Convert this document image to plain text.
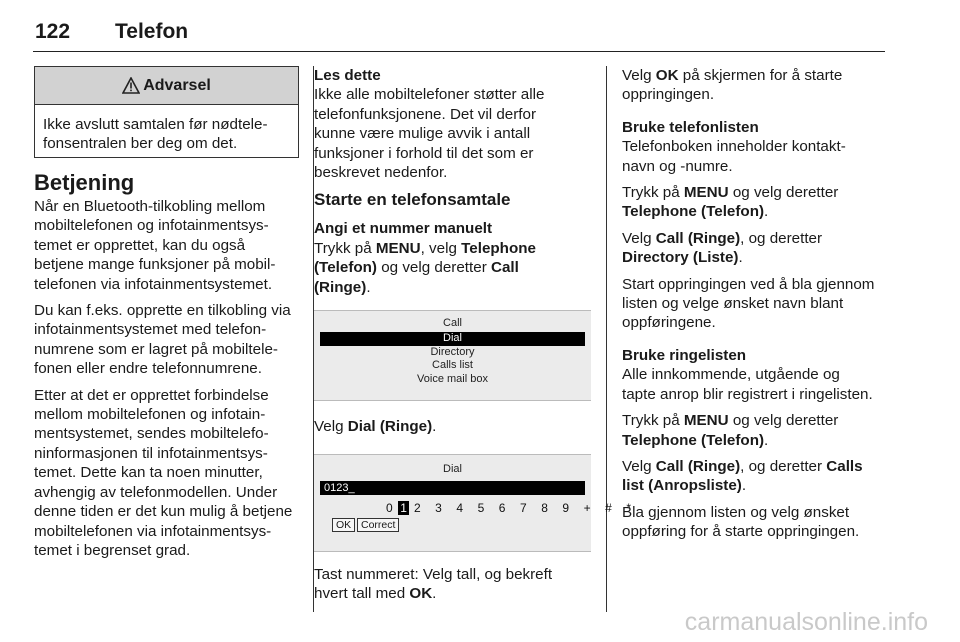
122 Telefon
Advarsel
Ikke avslutt samtalen før nødtele-
fonsentralen ber deg om det.
Betjening

Når en Bluetooth-tilkobling mellom
mobiltelefonen og infotainmentsys-
temet er opprettet, kan du også
betjene mange funksjoner på mobil-
telefonen via infotainmentsystemet.

Du kan f.eks. opprette en tilkobling via
infotainmentsystemet med telefon-
numrene som er lagret på mobiltele-
fonen eller endre telefonnumrene.

Etter at det er opprettet forbindelse
mellom mobiltelefonen og infotain-
mentsystemet, sendes mobiltelefo-
ninformasjonen til infotainmentsys-
temet. Dette kan ta noen minutter,
avhengig av telefonmodellen. Under
denne tiden er det kun mulig å betjene
mobiltelefonen via infotainmentsys-
temet i begrenset grad.

Les dette

Ikke alle mobiltelefoner støtter alle
telefonfunksjonene. Det vil derfor
kunne være mulige avvik i antall
funksjoner i forhold til det som er
beskrevet nedenfor.

Starte en telefonsamtale
Angi et nummer manuelt

Trykk på MENU, velg Telephone
(Telefon) og velg deretter Call
(Ringe).

Call
Dial
Directory
Calls list
Voice mail box

Velg Dial (Ringe).

Dial
0123_
0 1 2 3 4 5 6 7 8 9 + # *
OK Correct

Tast nummeret: Velg tall, og bekreft
hvert tall med OK.

Velg OK på skjermen for å starte
oppringingen.

Bruke telefonlisten

Telefonboken inneholder kontakt-
navn og -numre.

Trykk på MENU og velg deretter
Telephone (Telefon).

Velg Call (Ringe), og deretter
Directory (Liste).

Start oppringingen ved å bla gjennom
listen og velge ønsket navn blant
oppføringene.

Bruke ringelisten

Alle innkommende, utgående og
tapte anrop blir registrert i ringelisten.

Trykk på MENU og velg deretter
Telephone (Telefon).

Velg Call (Ringe), og deretter Calls
list (Anropsliste).

Bla gjennom listen og velg ønsket
oppføring for å starte oppringingen.

carmanualsonline.info
